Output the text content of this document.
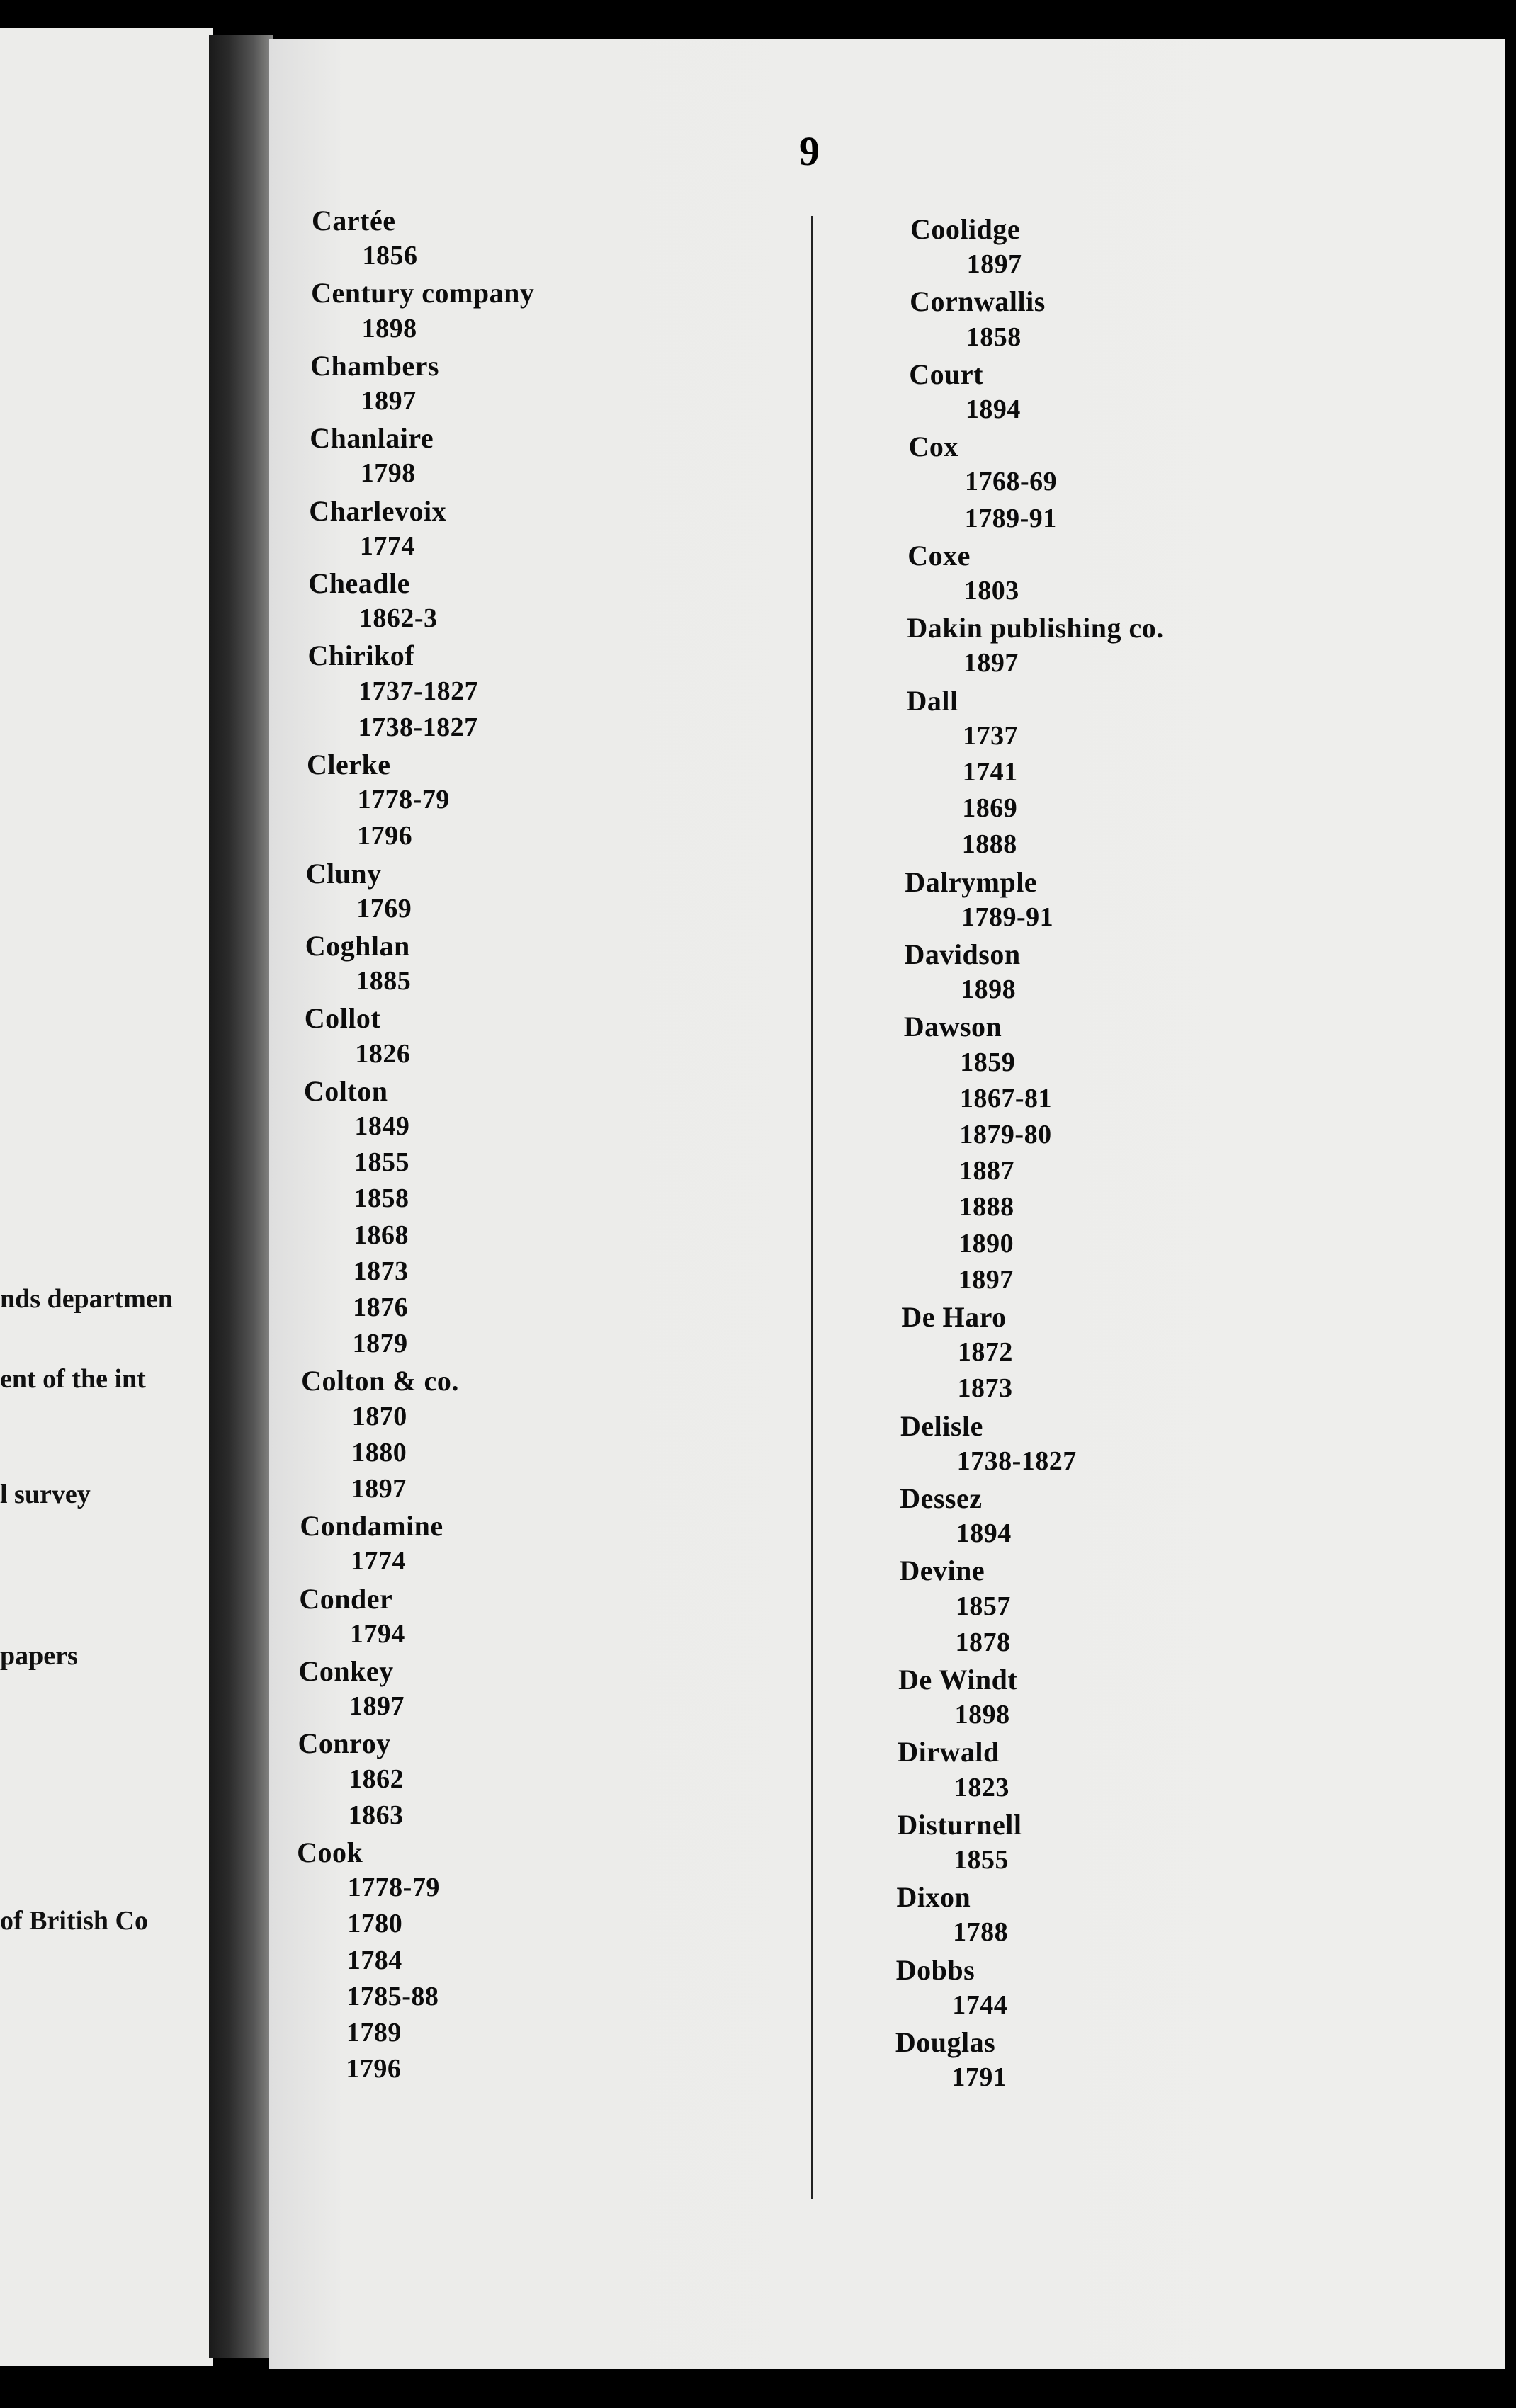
nds departmen
ent of the int
l survey
papers
of British Co
9
Cartée
1856
Century company
1898
Chambers
1897
Chanlaire
1798
Charlevoix
1774
Cheadle
1862-3
Chirikof
1737-1827
1738-1827
Clerke
1778-79
1796
Cluny
1769
Coghlan
1885
Collot
1826
Colton
1849
1855
1858
1868
1873
1876
1879
Colton & co.
1870
1880
1897
Condamine
1774
Conder
1794
Conkey
1897
Conroy
1862
1863
Cook
1778-79
1780
1784
1785-88
1789
1796
Coolidge
1897
Cornwallis
1858
Court
1894
Cox
1768-69
1789-91
Coxe
1803
Dakin publishing co.
1897
Dall
1737
1741
1869
1888
Dalrymple
1789-91
Davidson
1898
Dawson
1859
1867-81
1879-80
1887
1888
1890
1897
De Haro
1872
1873
Delisle
1738-1827
Dessez
1894
Devine
1857
1878
De Windt
1898
Dirwald
1823
Disturnell
1855
Dixon
1788
Dobbs
1744
Douglas
1791
